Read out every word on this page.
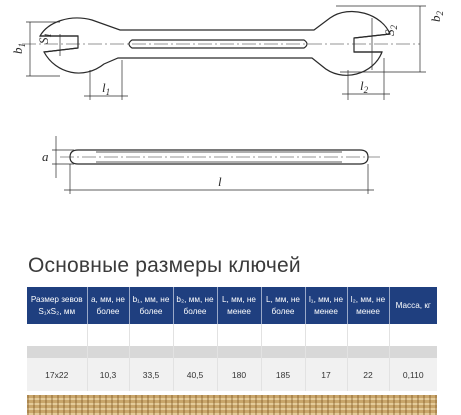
$S_1$
$b_1$
$l_1$
$S_2$
$b_2$
$l_2$
a
l
Основные размеры ключей
Размер зевов S₁xS₂, мм	a, мм, не более	b₁, мм, не более	b₂, мм, не более	L, мм, не менее	L, мм, не более	l₁, мм, не менее	l₂, мм, не менее	Масса, кг

17x22	10,3	33,5	40,5	180	185	17	22	0,110
